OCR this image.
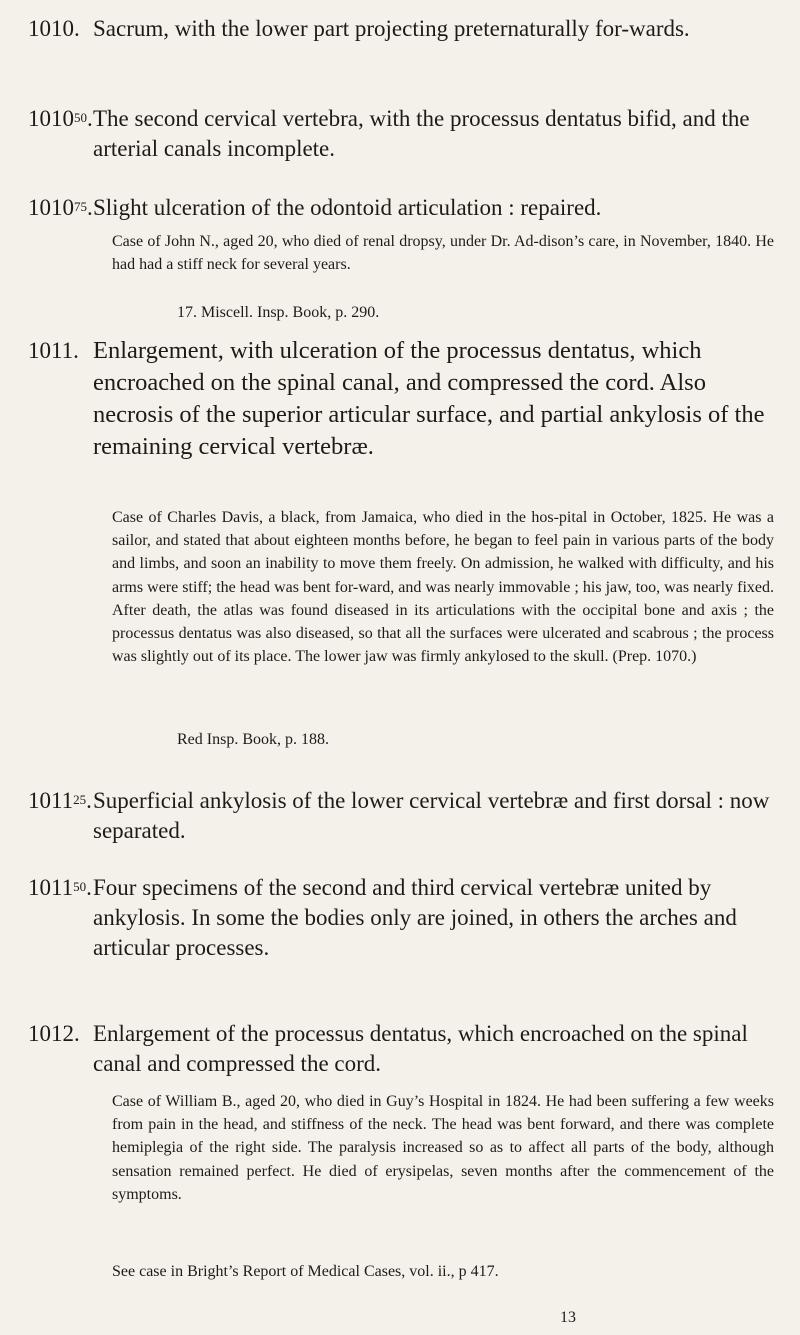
1010. Sacrum, with the lower part projecting preternaturally for-wards.
1010$^{50}$. The second cervical vertebra, with the processus dentatus bifid, and the arterial canals incomplete.
1010$^{75}$. Slight ulceration of the odontoid articulation : repaired.
Case of John N., aged 20, who died of renal dropsy, under Dr. Ad-dison’s care, in November, 1840. He had had a stiff neck for several years.
17. Miscell. Insp. Book, p. 290.
1011. Enlargement, with ulceration of the processus dentatus, which encroached on the spinal canal, and compressed the cord. Also necrosis of the superior articular surface, and partial ankylosis of the remaining cervical vertebræ.
Case of Charles Davis, a black, from Jamaica, who died in the hos-pital in October, 1825. He was a sailor, and stated that about eighteen months before, he began to feel pain in various parts of the body and limbs, and soon an inability to move them freely. On admission, he walked with difficulty, and his arms were stiff; the head was bent for-ward, and was nearly immovable ; his jaw, too, was nearly fixed. After death, the atlas was found diseased in its articulations with the occipital bone and axis ; the processus dentatus was also diseased, so that all the surfaces were ulcerated and scabrous ; the process was slightly out of its place. The lower jaw was firmly ankylosed to the skull. (Prep. 1070.)
Red Insp. Book, p. 188.
1011$^{25}$. Superficial ankylosis of the lower cervical vertebræ and first dorsal : now separated.
1011$^{50}$. Four specimens of the second and third cervical vertebræ united by ankylosis. In some the bodies only are joined, in others the arches and articular processes.
1012. Enlargement of the processus dentatus, which encroached on the spinal canal and compressed the cord.
Case of William B., aged 20, who died in Guy’s Hospital in 1824. He had been suffering a few weeks from pain in the head, and stiffness of the neck. The head was bent forward, and there was complete hemiplegia of the right side. The paralysis increased so as to affect all parts of the body, although sensation remained perfect. He died of erysipelas, seven months after the commencement of the symptoms.
See case in Bright’s Report of Medical Cases, vol. ii., p 417.
13
